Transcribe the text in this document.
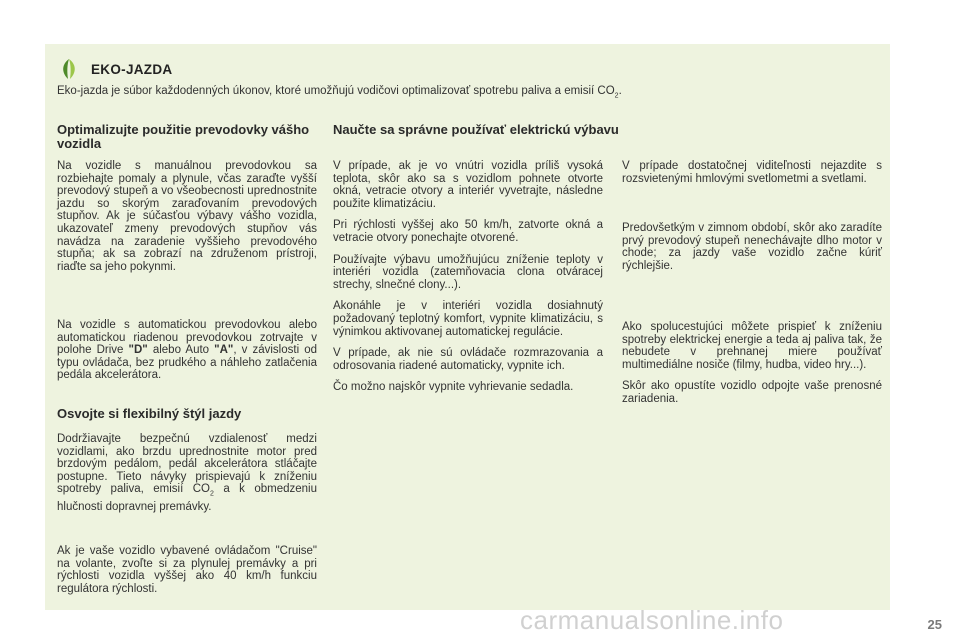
EKO-JAZDA
Eko-jazda je súbor každodenných úkonov, ktoré umožňujú vodičovi optimalizovať spotrebu paliva a emisií $CO_2$.
Optimalizujte použitie prevodovky vášho vozidla
Naučte sa správne používať elektrickú výbavu

Na vozidle s manuálnou prevodovkou sa rozbiehajte pomaly a plynule, včas zaraďte vyšší prevodový stupeň a vo všeobecnosti uprednostnite jazdu so skorým zaraďovaním prevodových stupňov. Ak je súčasťou výbavy vášho vozidla, ukazovateľ zmeny prevodových stupňov vás navádza na zaradenie vyššieho prevodového stupňa; ak sa zobrazí na združenom prístroji, riaďte sa jeho pokynmi.

Na vozidle s automatickou prevodovkou alebo automatickou riadenou prevodovkou zotrvajte v polohe Drive "D" alebo Auto "A", v závislosti od typu ovládača, bez prudkého a náhleho zatlačenia pedála akcelerátora.

Osvojte si flexibilný štýl jazdy

Dodržiavajte bezpečnú vzdialenosť medzi vozidlami, ako brzdu uprednostnite motor pred brzdovým pedálom, pedál akcelerátora stláčajte postupne. Tieto návyky prispievajú k zníženiu spotreby paliva, emisií $CO_2$ a k obmedzeniu hlučnosti dopravnej premávky.

Ak je vaše vozidlo vybavené ovládačom "Cruise" na volante, zvoľte si za plynulej premávky a pri rýchlosti vozidla vyššej ako 40 km/h funkciu regulátora rýchlosti.

V prípade, ak je vo vnútri vozidla príliš vysoká teplota, skôr ako sa s vozidlom pohnete otvorte okná, vetracie otvory a interiér vyvetrajte, následne použite klimatizáciu.

Pri rýchlosti vyššej ako 50 km/h, zatvorte okná a vetracie otvory ponechajte otvorené.

Používajte výbavu umožňujúcu zníženie teploty v interiéri vozidla (zatemňovacia clona otváracej strechy, slnečné clony...).

Akonáhle je v interiéri vozidla dosiahnutý požadovaný teplotný komfort, vypnite klimatizáciu, s výnimkou aktivovanej automatickej regulácie.

V prípade, ak nie sú ovládače rozmrazovania a odrosovania riadené automaticky, vypnite ich.

Čo možno najskôr vypnite vyhrievanie sedadla.

V prípade dostatočnej viditeľnosti nejazdite s rozsvietenými hmlovými svetlometmi a svetlami.

Predovšetkým v zimnom období, skôr ako zaradíte prvý prevodový stupeň nenechávajte dlho motor v chode; za jazdy vaše vozidlo začne kúriť rýchlejšie.

Ako spolucestujúci môžete prispieť k zníženiu spotreby elektrickej energie a teda aj paliva tak, že nebudete v prehnanej miere používať multimediálne nosiče (filmy, hudba, video hry...).

Skôr ako opustíte vozidlo odpojte vaše prenosné zariadenia.

carmanualsonline.info	25
